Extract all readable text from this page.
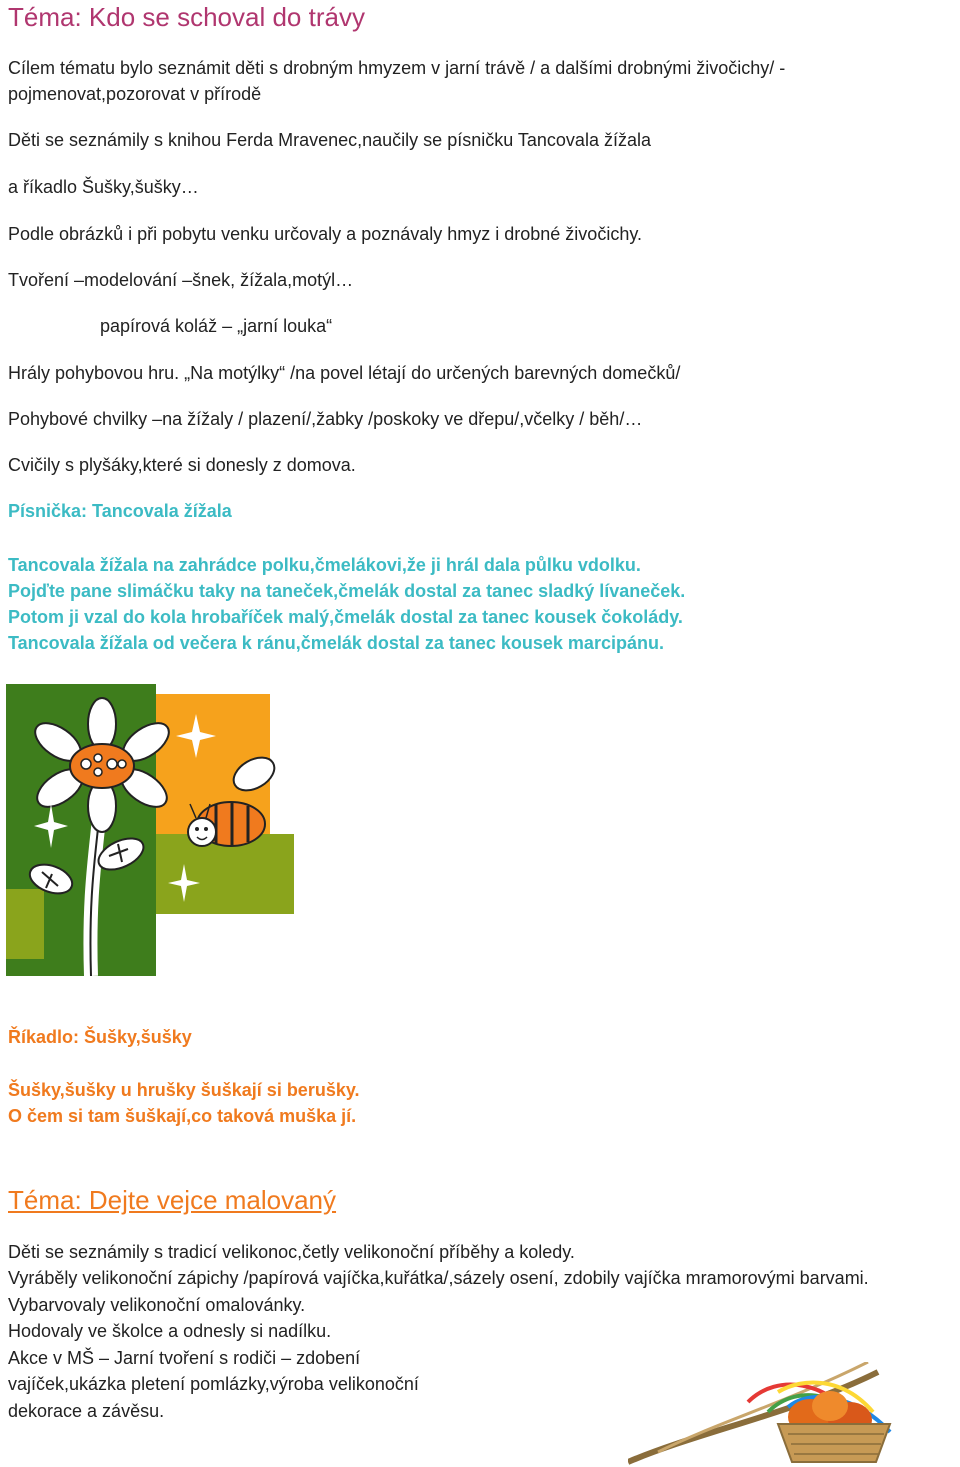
Téma: Kdo se schoval do trávy
Cílem tématu bylo seznámit děti s drobným hmyzem v jarní trávě / a dalšími drobnými živočichy/ -
pojmenovat,pozorovat v přírodě
Děti se seznámily s knihou Ferda Mravenec,naučily se písničku Tancovala žížala
a říkadlo Šušky,šušky…
Podle obrázků i při pobytu venku určovaly a poznávaly hmyz i drobné živočichy.
Tvoření –modelování –šnek, žížala,motýl…
papírová koláž – „jarní louka“
Hrály pohybovou hru. „Na motýlky“ /na povel létají do určených barevných domečků/
Pohybové chvilky –na žížaly / plazení/,žabky /poskoky ve dřepu/,včelky / běh/…
Cvičily s plyšáky,které si donesly z domova.
Písnička: Tancovala žížala
Tancovala žížala na zahrádce polku,čmelákovi,že ji hrál dala půlku vdolku.
Pojďte pane slimáčku taky na taneček,čmelák dostal za tanec sladký lívaneček.
Potom ji vzal do kola hrobaříček malý,čmelák dostal za tanec kousek čokolády.
Tancovala žížala od večera k ránu,čmelák dostal za tanec kousek marcipánu.
Říkadlo: Šušky,šušky
Šušky,šušky u hrušky šuškají si berušky.
O čem si tam šuškají,co taková muška jí.
Téma: Dejte vejce malovaný
Děti se seznámily s tradicí velikonoc,četly velikonoční příběhy a koledy.
Vyráběly velikonoční zápichy /papírová vajíčka,kuřátka/,sázely osení, zdobily vajíčka mramorovými barvami.
Vybarvovaly velikonoční omalovánky.
Hodovaly ve školce a odnesly si nadílku.
Akce v MŠ – Jarní tvoření s rodiči – zdobení
vajíček,ukázka pletení pomlázky,výroba velikonoční
dekorace a závěsu.
